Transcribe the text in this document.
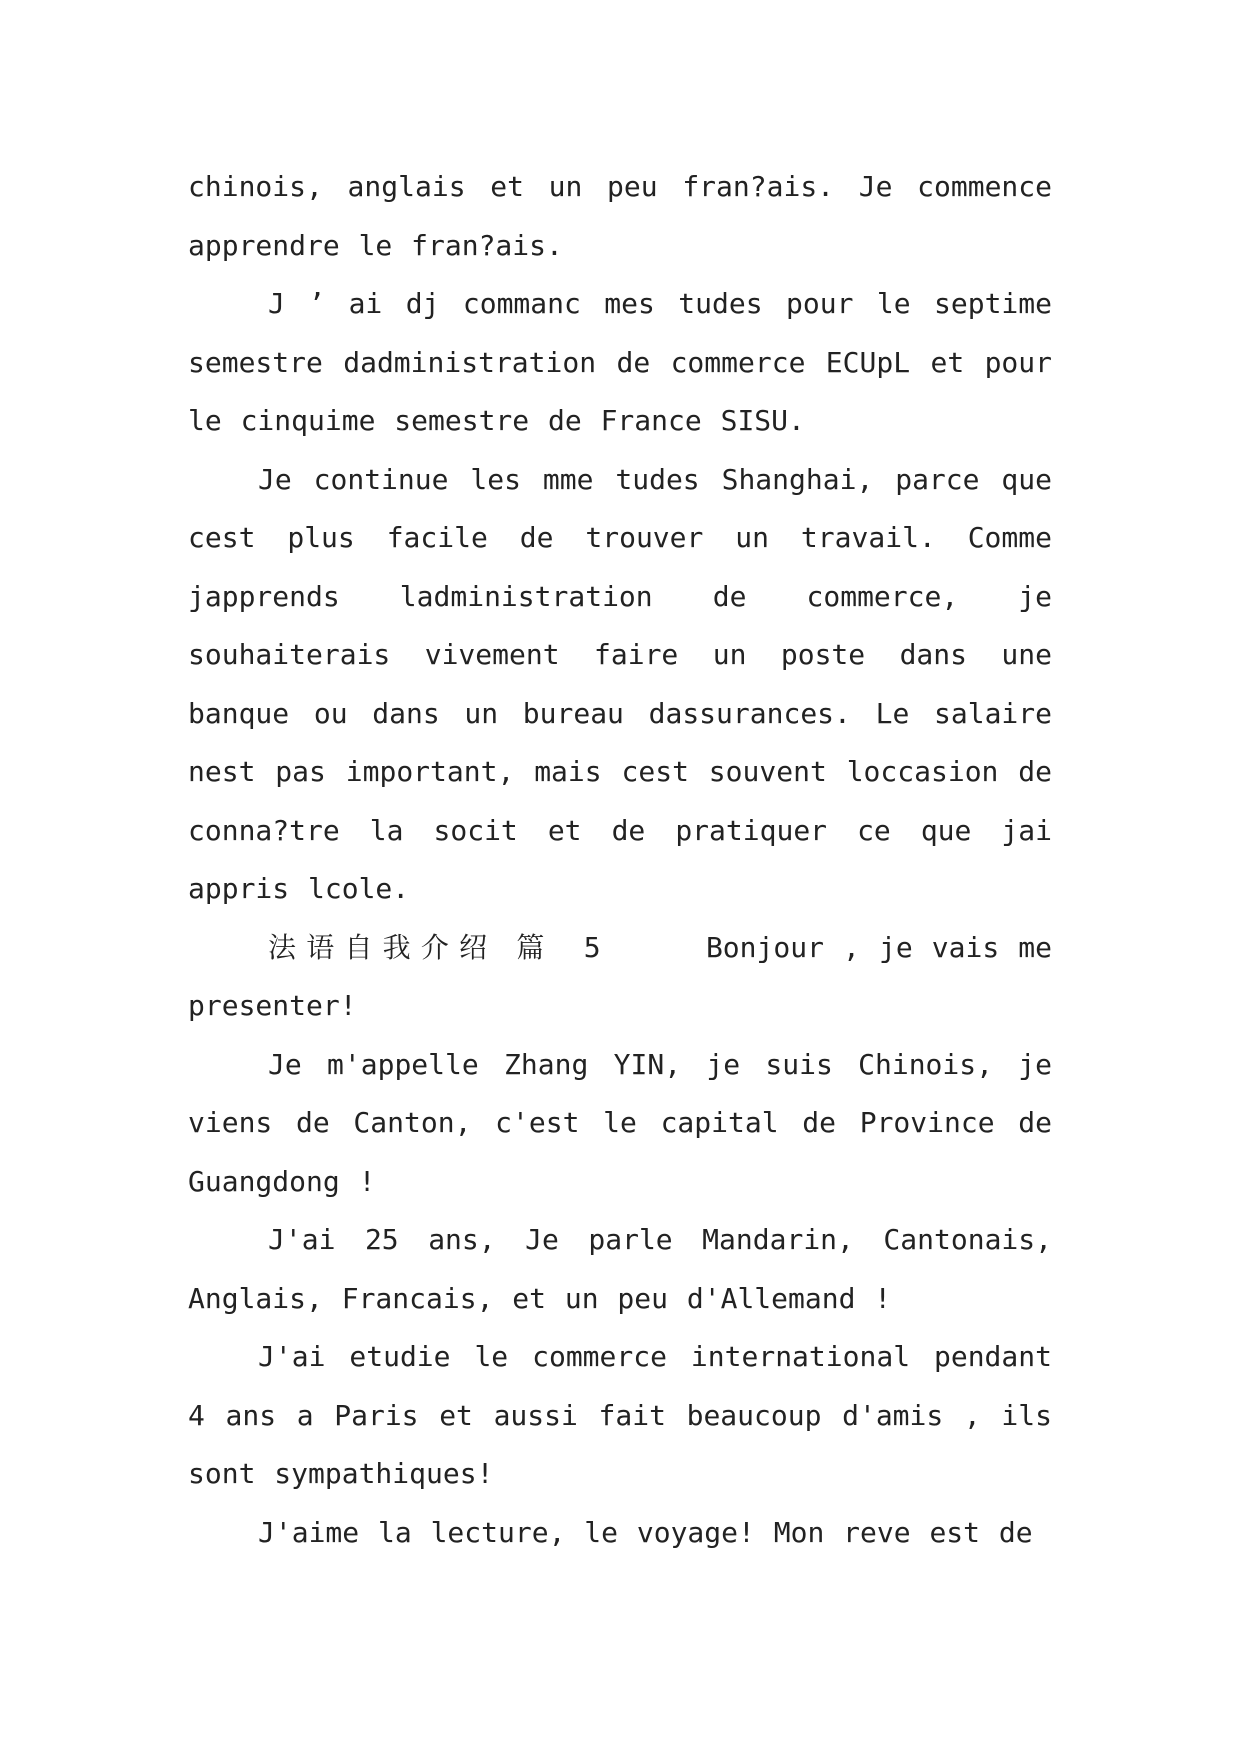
chinois, anglais et un peu fran?ais. Je commence apprendre le fran?ais.

J ’ ai dj commanc mes tudes pour le septime semestre dadministration de commerce ECUpL et pour le cinquime semestre de France SISU.

Je continue les mme tudes Shanghai, parce que cest plus facile de trouver un travail. Comme japprends ladministration de commerce, je souhaiterais vivement faire un poste dans une banque ou dans un bureau dassurances. Le salaire nest pas important, mais cest souvent loccasion de conna?tre la socit et de pratiquer ce que jai appris lcole.

法语自我介绍 篇 5	Bonjour , je vais me presenter!

Je m'appelle Zhang YIN, je suis Chinois, je viens de Canton, c'est le capital de Province de Guangdong !

J'ai 25 ans, Je parle Mandarin, Cantonais, Anglais, Francais, et un peu d'Allemand !

J'ai etudie le commerce international pendant 4 ans a Paris et aussi fait beaucoup d'amis , ils sont sympathiques!

J'aime la lecture, le voyage! Mon reve est de
